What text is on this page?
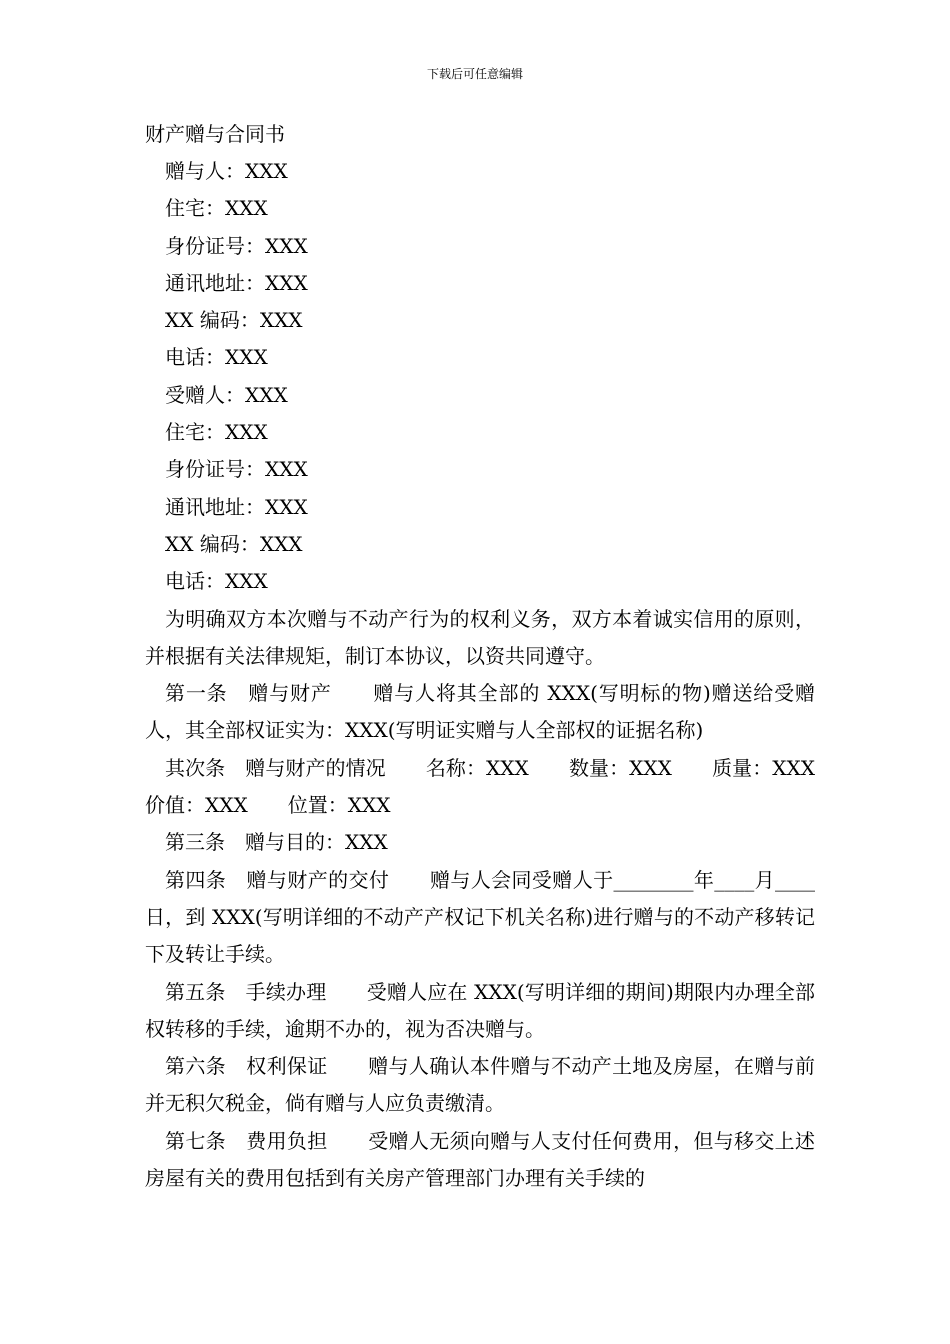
下载后可任意编辑
财产赠与合同书
赠与人：XXX
住宅：XXX
身份证号：XXX
通讯地址：XXX
XX 编码：XXX
电话：XXX
受赠人：XXX
住宅：XXX
身份证号：XXX
通讯地址：XXX
XX 编码：XXX
电话：XXX
为明确双方本次赠与不动产行为的权利义务，双方本着诚实信用的原则，并根据有关法律规矩，制订本协议，以资共同遵守。
第一条　赠与财产　　赠与人将其全部的 XXX(写明标的物)赠送给受赠人，其全部权证实为：XXX(写明证实赠与人全部权的证据名称)
其次条　赠与财产的情况　　名称：XXX　　数量：XXX　　质量：XXX　　价值：XXX　　位置：XXX
第三条　赠与目的：XXX
第四条　赠与财产的交付　　赠与人会同受赠人于________年____月____日，到 XXX(写明详细的不动产产权记下机关名称)进行赠与的不动产移转记下及转让手续。
第五条　手续办理　　受赠人应在 XXX(写明详细的期间)期限内办理全部权转移的手续，逾期不办的，视为否决赠与。
第六条　权利保证　　赠与人确认本件赠与不动产土地及房屋，在赠与前并无积欠税金，倘有赠与人应负责缴清。
第七条　费用负担　　受赠人无须向赠与人支付任何费用，但与移交上述房屋有关的费用包括到有关房产管理部门办理有关手续的
